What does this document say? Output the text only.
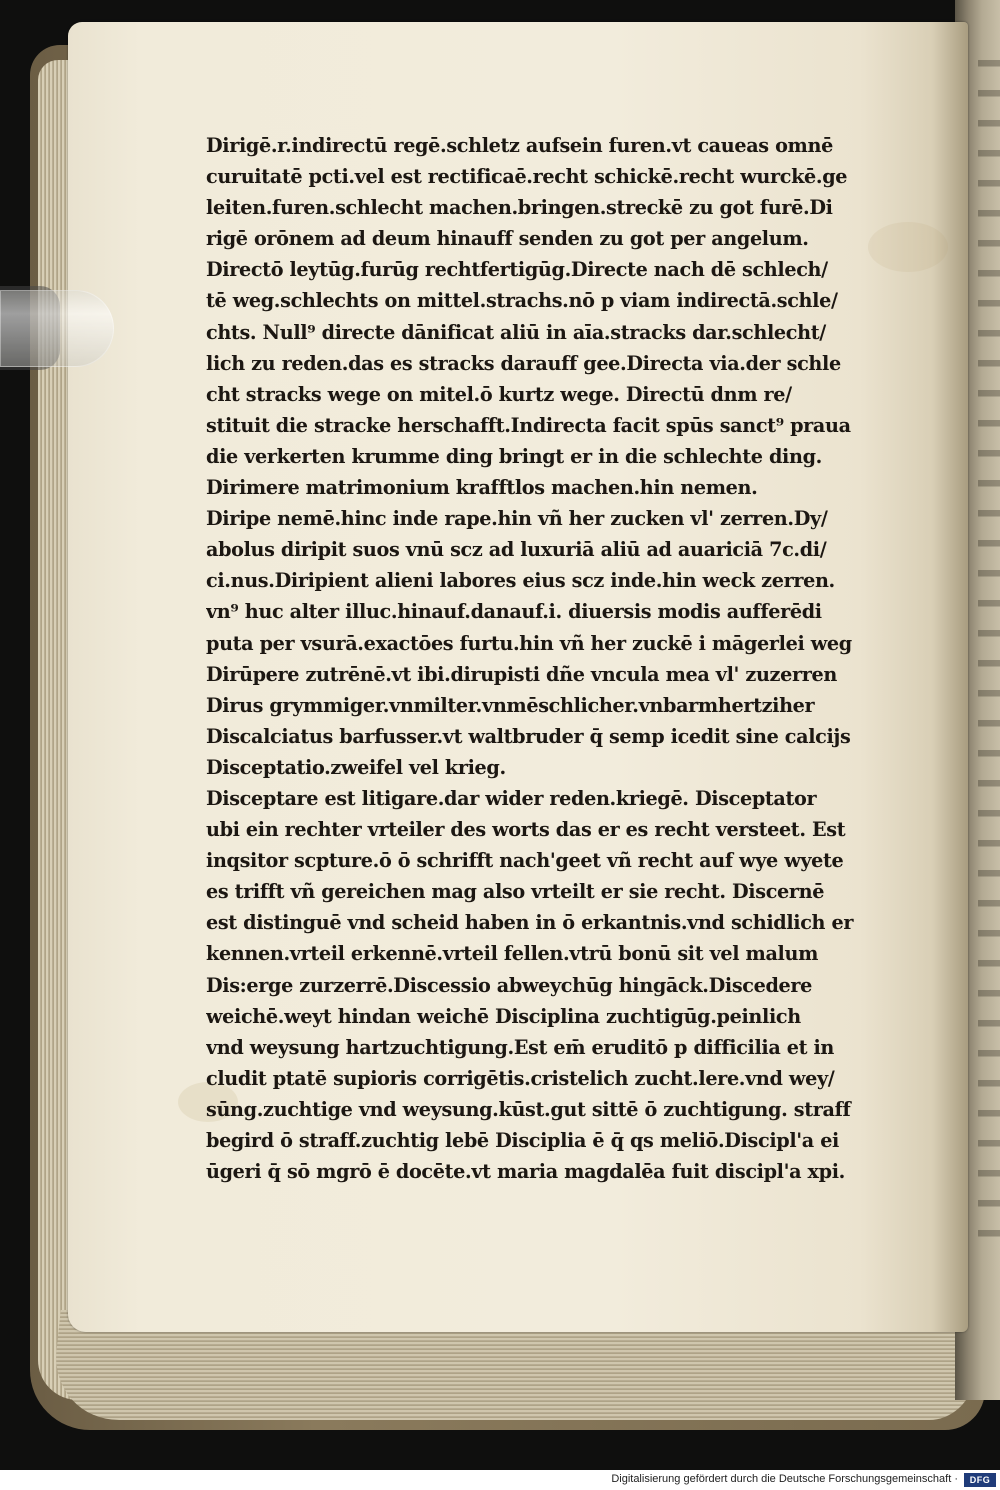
Dirigē.r.indirectū regē.schletz aufsein furen.vt caueas omnē
curuitatē pcti.vel est rectificaē.recht schickē.recht wurckē.ge
leiten.furen.schlecht machen.bringen.streckē zu got furē.Di
rigē orōnem ad deum hinauff senden zu got per angelum.
Directō leytūg.furūg rechtfertigūg.Directe nach dē schlech/
tē weg.schlechts on mittel.strachs.nō p viam indirectā.schle/
chts. Null⁹ directe dānificat aliū in aīa.stracks dar.schlecht/
lich zu reden.das es stracks darauff gee.Directa via.der schle
cht stracks wege on mitel.ō kurtz wege. Directū dnm re/
stituit die stracke herschafft.Indirecta facit spūs sanct⁹ praua
die verkerten krumme ding bringt er in die schlechte ding.
Dirimere matrimonium krafftlos machen.hin nemen.
Diripe nemē.hinc inde rape.hin vñ her zucken vl' zerren.Dy/
abolus diripit suos vnū scz ad luxuriā aliū ad auariciā 7c.di/
ci.nus.Diripient alieni labores eius scz inde.hin weck zerren.
vn⁹ huc alter illuc.hinauf.danauf.i. diuersis modis aufferēdi
puta per vsurā.exactōes furtu.hin vñ her zuckē i māgerlei weg
Dirūpere zutrēnē.vt ibi.dirupisti dñe vncula mea vl' zuzerren
Dirus grymmiger.vnmilter.vnmēschlicher.vnbarmhertziher
Discalciatus barfusser.vt waltbruder q̄ semp icedit sine calcijs
Disceptatio.zweifel vel krieg.
Disceptare est litigare.dar wider reden.kriegē. Disceptator
ubi ein rechter vrteiler des worts das er es recht versteet. Est
inqsitor scpture.ō ō schrifft nach'geet vñ recht auf wye wyete
es trifft vñ gereichen mag also vrteilt er sie recht. Discernē
est distinguē vnd scheid haben in ō erkantnis.vnd schidlich er
kennen.vrteil erkennē.vrteil fellen.vtrū bonū sit vel malum
Dis:erge zurzerrē.Discessio abweychūg hingāck.Discedere
weichē.weyt hindan weichē Disciplina zuchtigūg.peinlich
vnd weysung hartzuchtigung.Est em̄ eruditō p difficilia et in
cludit ptatē supioris corrigētis.cristelich zucht.lere.vnd wey/
sūng.zuchtige vnd weysung.kūst.gut sittē ō zuchtigung. straff
begird ō straff.zuchtig lebē Disciplia ē q̄ qs meliō.Discipl'a ei
ūgeri q̄ sō mgrō ē docēte.vt maria magdalēa fuit discipl'a xpi.
Digitalisierung gefördert durch die Deutsche Forschungsgemeinschaft ·	DFG
